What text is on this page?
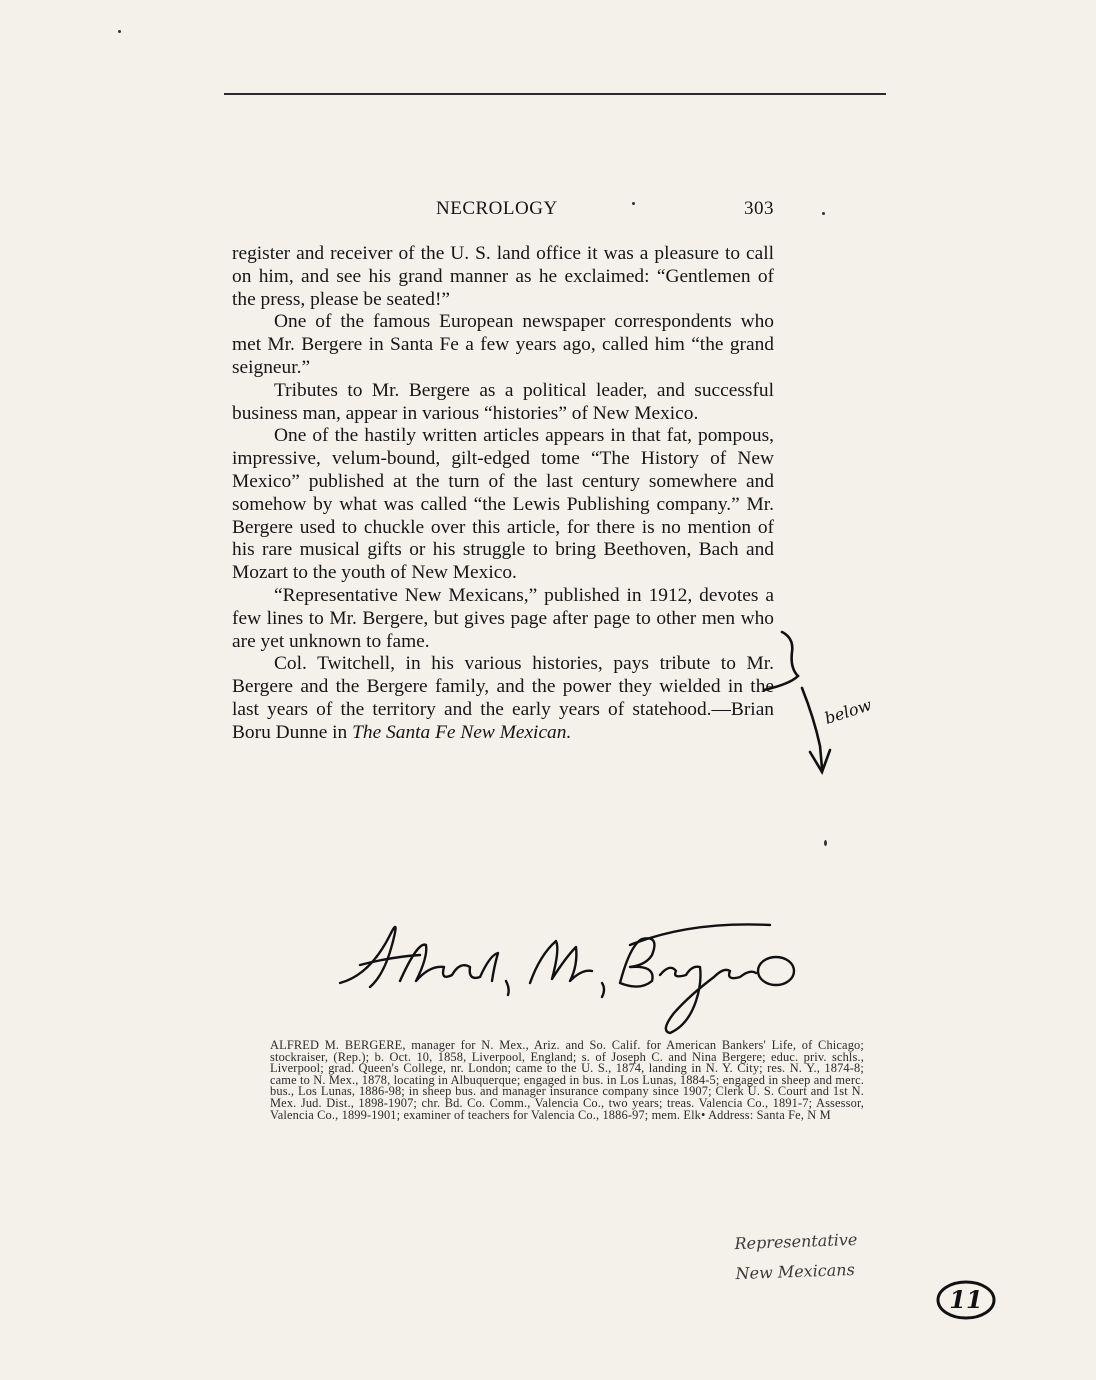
NECROLOGY	303

register and receiver of the U. S. land office it was a pleasure to call on him, and see his grand manner as he exclaimed: “Gentlemen of the press, please be seated!”

One of the famous European newspaper correspondents who met Mr. Bergere in Santa Fe a few years ago, called him “the grand seigneur.”

Tributes to Mr. Bergere as a political leader, and successful business man, appear in various “histories” of New Mexico.

One of the hastily written articles appears in that fat, pompous, impressive, velum-bound, gilt-edged tome “The History of New Mexico” published at the turn of the last century somewhere and somehow by what was called “the Lewis Publishing company.” Mr. Bergere used to chuckle over this article, for there is no mention of his rare musical gifts or his struggle to bring Beethoven, Bach and Mozart to the youth of New Mexico.

“Representative New Mexicans,” published in 1912, devotes a few lines to Mr. Bergere, but gives page after page to other men who are yet unknown to fame.

Col. Twitchell, in his various histories, pays tribute to Mr. Bergere and the Bergere family, and the power they wielded in the last years of the territory and the early years of statehood.—Brian Boru Dunne in The Santa Fe New Mexican.

below

ALFRED M. BERGERE, manager for N. Mex., Ariz. and So. Calif. for American Bankers' Life, of Chicago; stockraiser, (Rep.); b. Oct. 10, 1858, Liverpool, England; s. of Joseph C. and Nina Bergere; educ. priv. schls., Liverpool; grad. Queen's College, nr. London; came to the U. S., 1874, landing in N. Y. City; res. N. Y., 1874-8; came to N. Mex., 1878, locating in Albuquerque; engaged in bus. in Los Lunas, 1884-5; engaged in sheep and merc. bus., Los Lunas, 1886-98; in sheep bus. and manager insurance company since 1907; Clerk U. S. Court and 1st N. Mex. Jud. Dist., 1898-1907; chr. Bd. Co. Comm., Valencia Co., two years; treas. Valencia Co., 1891-7; Assessor, Valencia Co., 1899-1901; examiner of teachers for Valencia Co., 1886-97; mem. Elk• Address: Santa Fe, N M

Representative
New Mexicans
11
